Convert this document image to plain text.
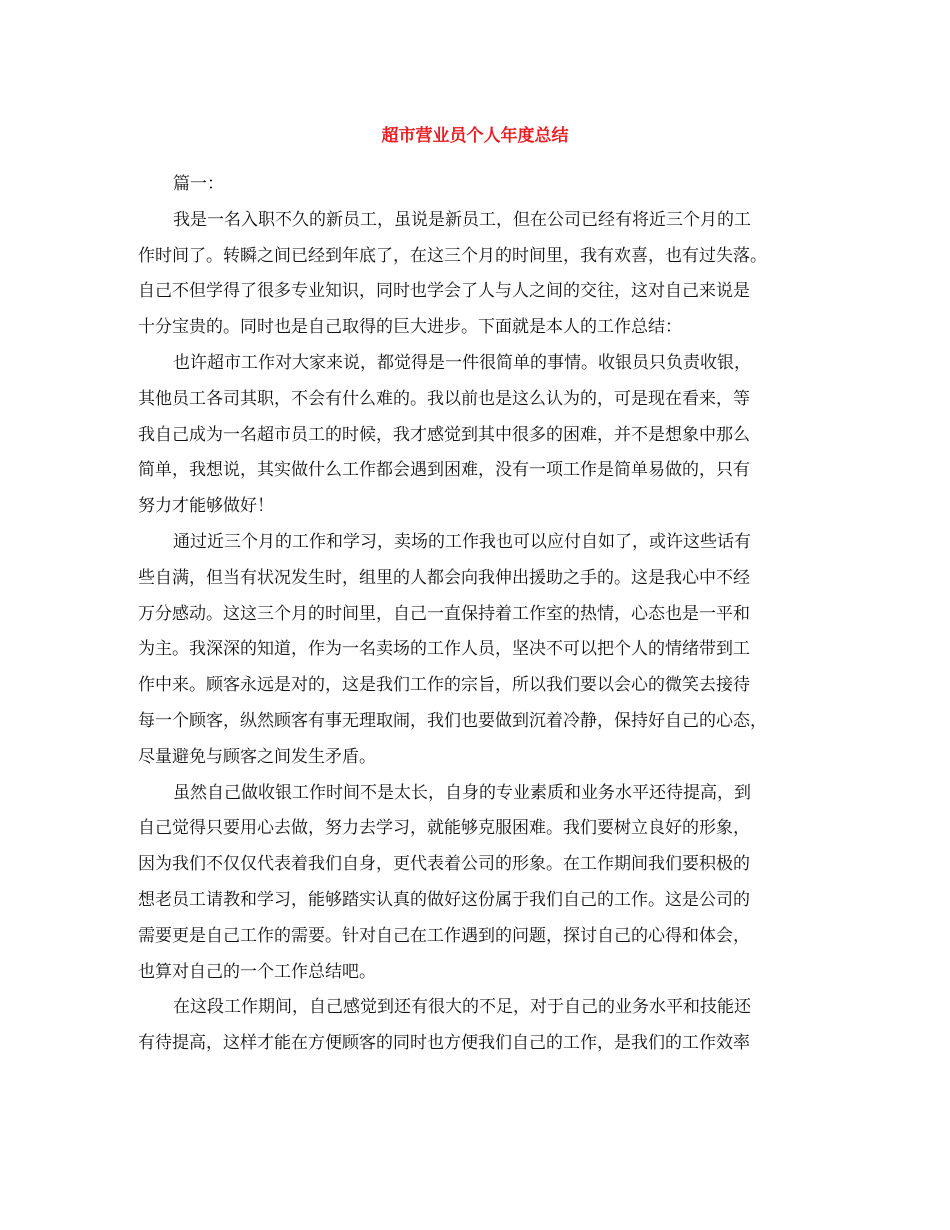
超市营业员个人年度总结
篇一：
我是一名入职不久的新员工，虽说是新员工，但在公司已经有将近三个月的工
作时间了。转瞬之间已经到年底了，在这三个月的时间里，我有欢喜，也有过失落。
自己不但学得了很多专业知识，同时也学会了人与人之间的交往，这对自己来说是
十分宝贵的。同时也是自己取得的巨大进步。下面就是本人的工作总结：
也许超市工作对大家来说，都觉得是一件很简单的事情。收银员只负责收银，
其他员工各司其职，不会有什么难的。我以前也是这么认为的，可是现在看来，等
我自己成为一名超市员工的时候，我才感觉到其中很多的困难，并不是想象中那么
简单，我想说，其实做什么工作都会遇到困难，没有一项工作是简单易做的，只有
努力才能够做好！
通过近三个月的工作和学习，卖场的工作我也可以应付自如了，或许这些话有
些自满，但当有状况发生时，组里的人都会向我伸出援助之手的。这是我心中不经
万分感动。这这三个月的时间里，自己一直保持着工作室的热情，心态也是一平和
为主。我深深的知道，作为一名卖场的工作人员，坚决不可以把个人的情绪带到工
作中来。顾客永远是对的，这是我们工作的宗旨，所以我们要以会心的微笑去接待
每一个顾客，纵然顾客有事无理取闹，我们也要做到沉着冷静，保持好自己的心态，
尽量避免与顾客之间发生矛盾。
虽然自己做收银工作时间不是太长，自身的专业素质和业务水平还待提高，到
自己觉得只要用心去做，努力去学习，就能够克服困难。我们要树立良好的形象，
因为我们不仅仅代表着我们自身，更代表着公司的形象。在工作期间我们要积极的
想老员工请教和学习，能够踏实认真的做好这份属于我们自己的工作。这是公司的
需要更是自己工作的需要。针对自己在工作遇到的问题，探讨自己的心得和体会，
也算对自己的一个工作总结吧。
在这段工作期间，自己感觉到还有很大的不足，对于自己的业务水平和技能还
有待提高，这样才能在方便顾客的同时也方便我们自己的工作，是我们的工作效率
